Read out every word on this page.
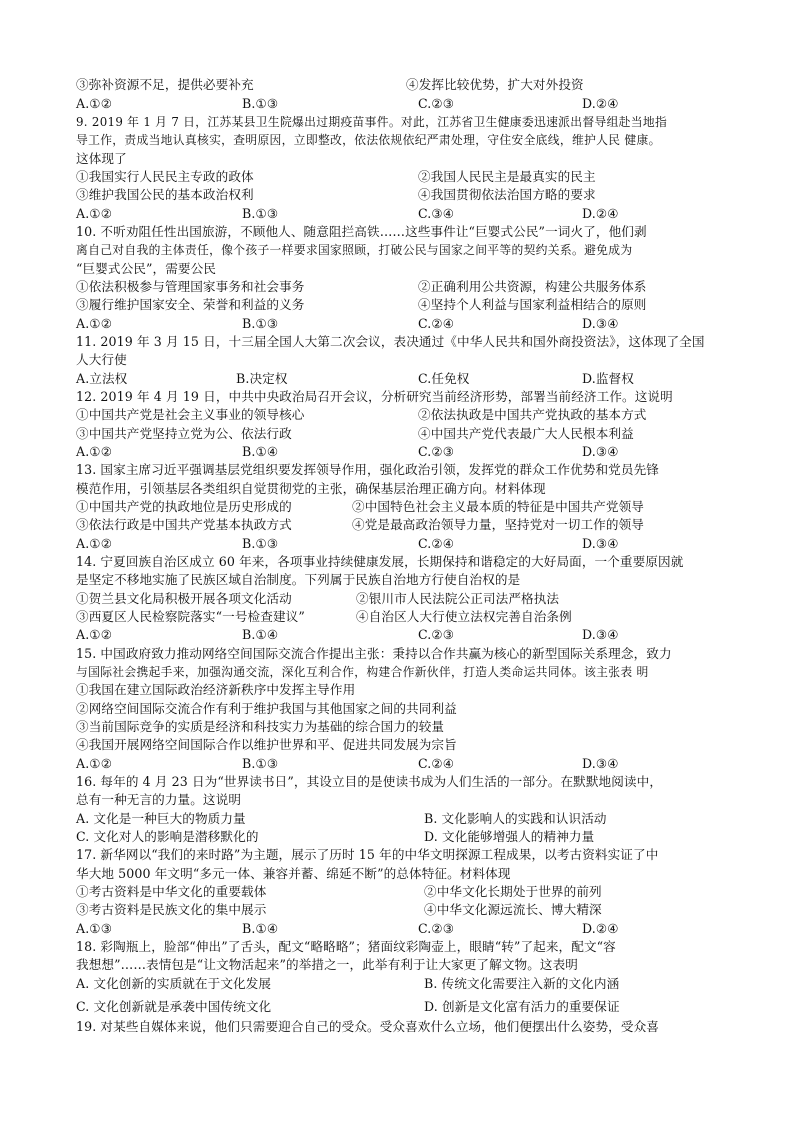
③弥补资源不足，提供必要补充	④发挥比较优势，扩大对外投资
A.①②	B.①③	C.②③	D.②④
9. 2019 年 1 月 7 日，江苏某县卫生院爆出过期疫苗事件。对此，江苏省卫生健康委迅速派出督导组赴当地指
导工作，责成当地认真核实，查明原因，立即整改，依法依规依纪严肃处理，守住安全底线，维护人民 健康。
这体现了
①我国实行人民民主专政的政体	②我国人民民主是最真实的民主
③维护我国公民的基本政治权利	④我国贯彻依法治国方略的要求
A.①②	B.①③	C.③④	D.②④
10. 不听劝阻任性出国旅游，不顾他人、随意阻拦高铁……这些事件让“巨婴式公民”一词火了，他们剥
离自己对自我的主体责任，像个孩子一样要求国家照顾，打破公民与国家之间平等的契约关系。避免成为
“巨婴式公民”，需要公民
①依法积极参与管理国家事务和社会事务	②正确利用公共资源，构建公共服务体系
③履行维护国家安全、荣誉和利益的义务	④坚持个人利益与国家利益相结合的原则
A.①②	B.①③	C.②④	D.③④
11. 2019 年 3 月 15 日，十三届全国人大第二次会议，表决通过《中华人民共和国外商投资法》，这体现了全国
人大行使
A.立法权	B.决定权	C.任免权	D.监督权
12. 2019 年 4 月 19 日，中共中央政治局召开会议，分析研究当前经济形势，部署当前经济工作。这说明
①中国共产党是社会主义事业的领导核心	②依法执政是中国共产党执政的基本方式
③中国共产党坚持立党为公、依法行政	④中国共产党代表最广大人民根本利益
A.①②	B.①④	C.②③	D.③④
13. 国家主席习近平强调基层党组织要发挥领导作用，强化政治引领，发挥党的群众工作优势和党员先锋
模范作用，引领基层各类组织自觉贯彻党的主张，确保基层治理正确方向。材料体现
①中国共产党的执政地位是历史形成的	②中国特色社会主义最本质的特征是中国共产党领导
③依法行政是中国共产党基本执政方式	④党是最高政治领导力量，坚持党对一切工作的领导
A.①②	B.①③	C.②④	D.③④
14. 宁夏回族自治区成立 60 年来，各项事业持续健康发展，长期保持和谐稳定的大好局面，一个重要原因就
是坚定不移地实施了民族区域自治制度。下列属于民族自治地方行使自治权的是
①贺兰县文化局积极开展各项文化活动	②银川市人民法院公正司法严格执法
③西夏区人民检察院落实“一号检查建议”	④自治区人大行使立法权完善自治条例
A.①②	B.①④	C.②③	D.③④
15. 中国政府致力推动网络空间国际交流合作提出主张：秉持以合作共赢为核心的新型国际关系理念，致力
与国际社会携起手来，加强沟通交流，深化互利合作，构建合作新伙伴，打造人类命运共同体。该主张表 明
①我国在建立国际政治经济新秩序中发挥主导作用
②网络空间国际交流合作有利于维护我国与其他国家之间的共同利益
③当前国际竞争的实质是经济和科技实力为基础的综合国力的较量
④我国开展网络空间国际合作以维护世界和平、促进共同发展为宗旨
A.①②	B.①③	C.②④	D.③④
16. 每年的 4 月 23 日为“世界读书日”，其设立目的是使读书成为人们生活的一部分。在默默地阅读中，
总有一种无言的力量。这说明
A. 文化是一种巨大的物质力量	B. 文化影响人的实践和认识活动
C. 文化对人的影响是潜移默化的	D. 文化能够增强人的精神力量
17. 新华网以“我们的来时路”为主题，展示了历时 15 年的中华文明探源工程成果，以考古资料实证了中
华大地 5000 年文明“多元一体、兼容并蓄、绵延不断”的总体特征。材料体现
①考古资料是中华文化的重要载体	②中华文化长期处于世界的前列
③考古资料是民族文化的集中展示	④中华文化源远流长、博大精深
A.①③	B.①④	C.②③	D.②④
18. 彩陶瓶上，脸部“伸出”了舌头，配文“略略略”；猪面纹彩陶壶上，眼睛“转”了起来，配文“容
我想想”……表情包是“让文物活起来”的举措之一，此举有利于让大家更了解文物。这表明
A. 文化创新的实质就在于文化发展	B. 传统文化需要注入新的文化内涵
C. 文化创新就是承袭中国传统文化	D. 创新是文化富有活力的重要保证
19. 对某些自媒体来说，他们只需要迎合自己的受众。受众喜欢什么立场，他们便摆出什么姿势，受众喜
